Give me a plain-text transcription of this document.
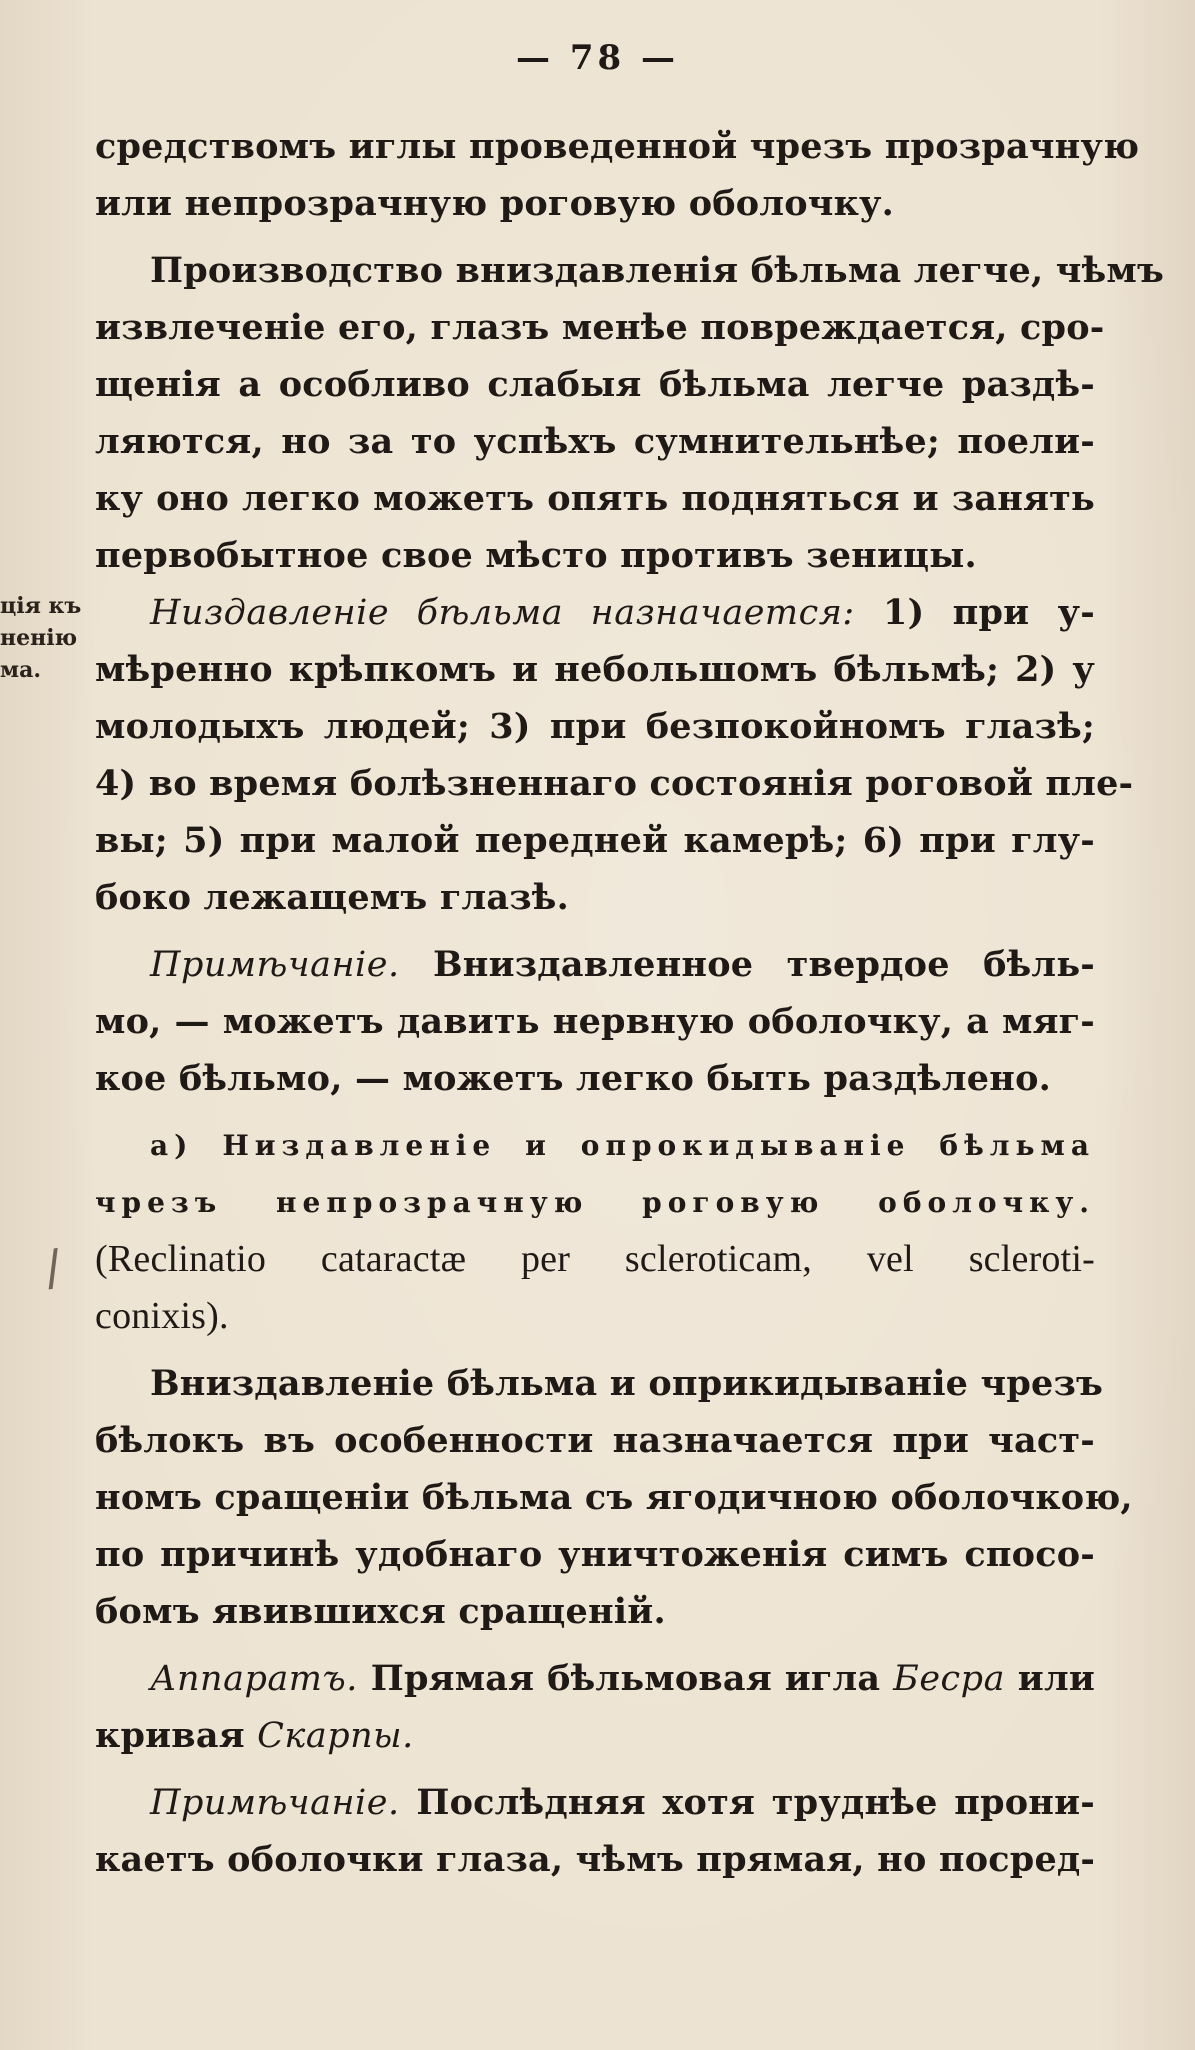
— 78 —
ція къ
ненію
ма.
/
средствомъ иглы проведенной чрезъ прозрачную
или непрозрачную роговую оболочку.
Производство вниздавленія бѣльма легче, чѣмъ
извлеченіе его, глазъ менѣе повреждается, сро-
щенія а особливо слабыя бѣльма легче раздѣ-
ляются, но за то успѣхъ сумнительнѣе; поели-
ку оно легко можетъ опять подняться и занять
первобытное свое мѣсто противъ зеницы.
Низдавленіе бѣльма назначается: 1) при у-
мѣренно крѣпкомъ и небольшомъ бѣльмѣ; 2) у
молодыхъ людей; 3) при безпокойномъ глазѣ;
4) во время болѣзненнаго состоянія роговой пле-
вы; 5) при малой передней камерѣ; 6) при глу-
боко лежащемъ глазѣ.
Примѣчаніе. Вниздавленное твердое бѣль-
мо, — можетъ давить нервную оболочку, а мяг-
кое бѣльмо, — можетъ легко быть раздѣлено.
а) Низдавленіе и опрокидываніе бѣльма
чрезъ непрозрачную роговую оболочку.
(Reclinatio cataractæ per scleroticam, vel scleroti-
conixis).
Вниздавленіе бѣльма и оприкидываніе чрезъ
бѣлокъ въ особенности назначается при част-
номъ сращеніи бѣльма съ ягодичною оболочкою,
по причинѣ удобнаго уничтоженія симъ спосо-
бомъ явившихся сращеній.
Аппаратъ. Прямая бѣльмовая игла Бесра или
кривая Скарпы.
Примѣчаніе. Послѣдняя хотя труднѣе прони-
каетъ оболочки глаза, чѣмъ прямая, но посред-
